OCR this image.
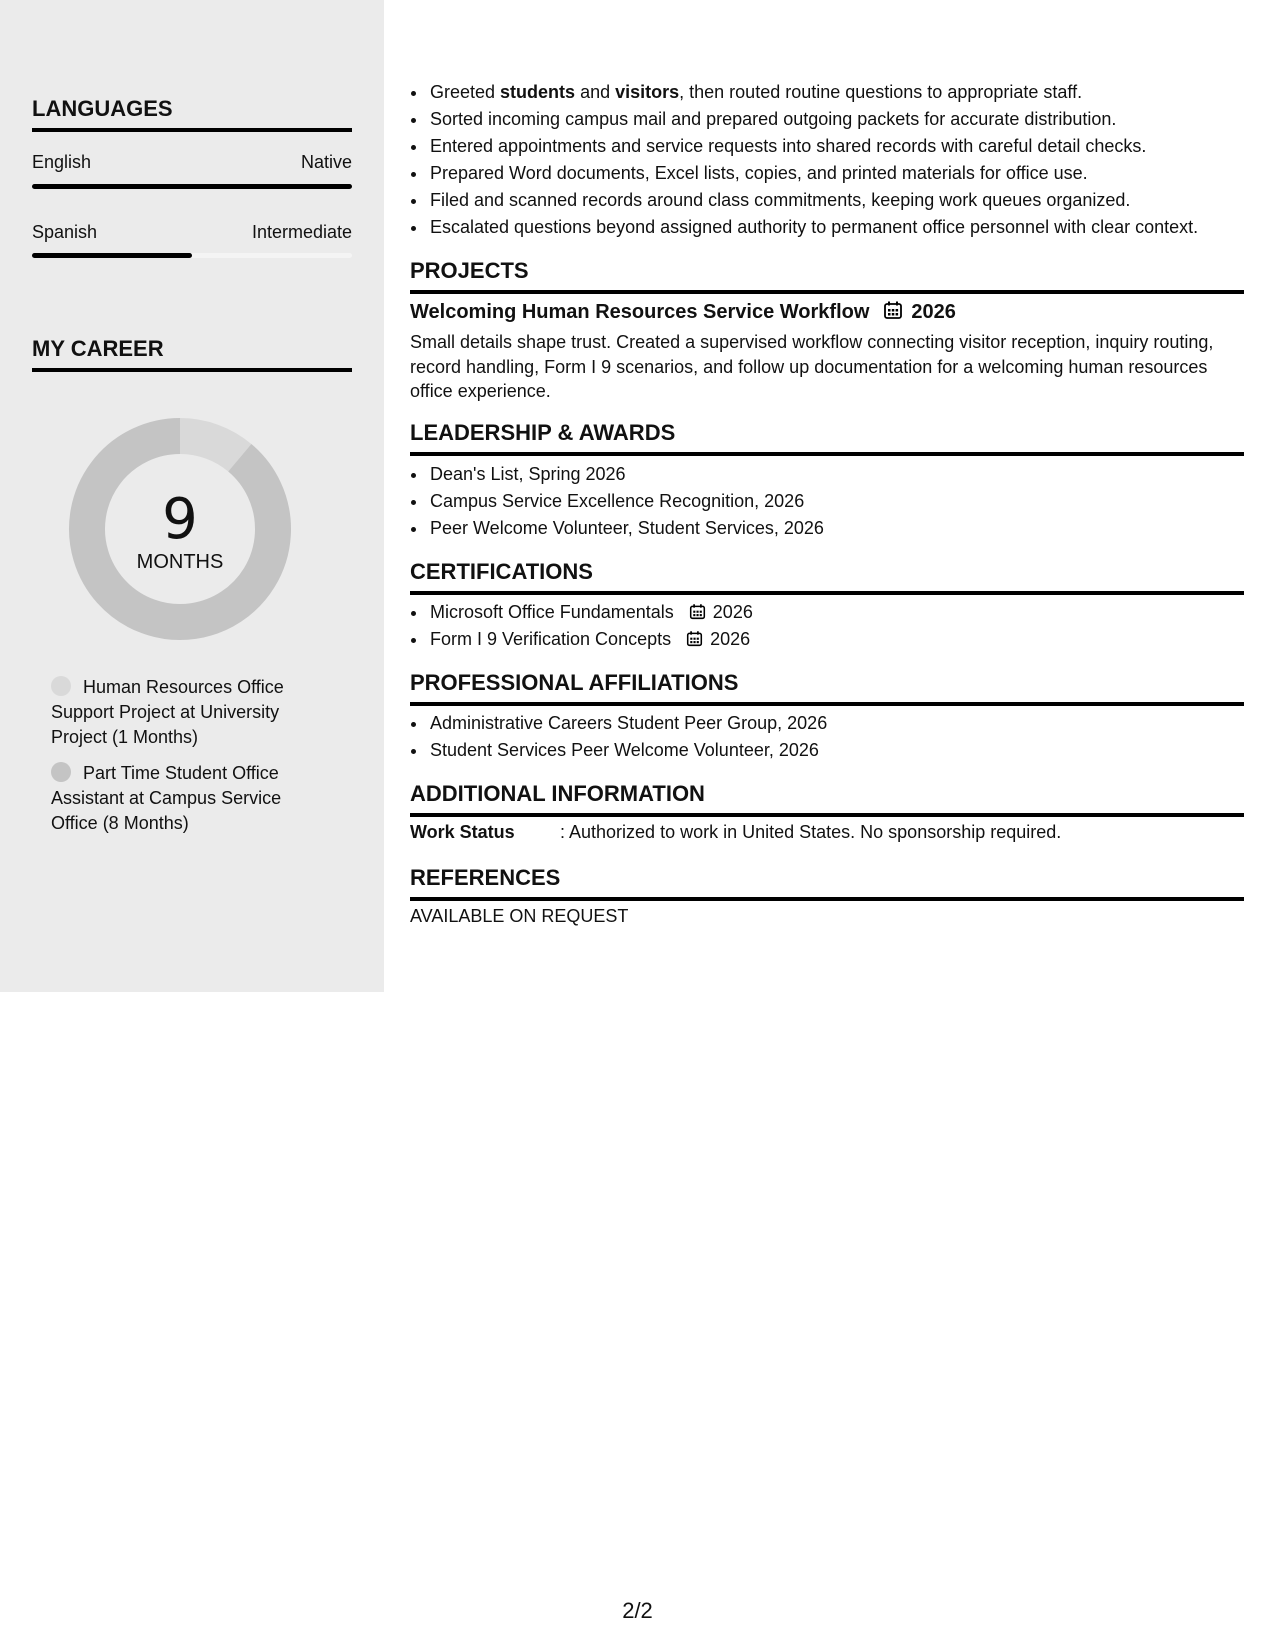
LANGUAGES
English	Native
Spanish	Intermediate
MY CAREER
9
MONTHS
Human Resources Office Support Project at University Project (1 Months)
Part Time Student Office Assistant at Campus Service Office (8 Months)
• Greeted students and visitors, then routed routine questions to appropriate staff.
• Sorted incoming campus mail and prepared outgoing packets for accurate distribution.
• Entered appointments and service requests into shared records with careful detail checks.
• Prepared Word documents, Excel lists, copies, and printed materials for office use.
• Filed and scanned records around class commitments, keeping work queues organized.
• Escalated questions beyond assigned authority to permanent office personnel with clear context.
PROJECTS
Welcoming Human Resources Service Workflow 2026
Small details shape trust. Created a supervised workflow connecting visitor reception, inquiry routing, record handling, Form I 9 scenarios, and follow up documentation for a welcoming human resources office experience.
LEADERSHIP & AWARDS
• Dean's List, Spring 2026
• Campus Service Excellence Recognition, 2026
• Peer Welcome Volunteer, Student Services, 2026
CERTIFICATIONS
• Microsoft Office Fundamentals 2026
• Form I 9 Verification Concepts 2026
PROFESSIONAL AFFILIATIONS
• Administrative Careers Student Peer Group, 2026
• Student Services Peer Welcome Volunteer, 2026
ADDITIONAL INFORMATION
Work Status	: Authorized to work in United States. No sponsorship required.
REFERENCES
AVAILABLE ON REQUEST
2/2
